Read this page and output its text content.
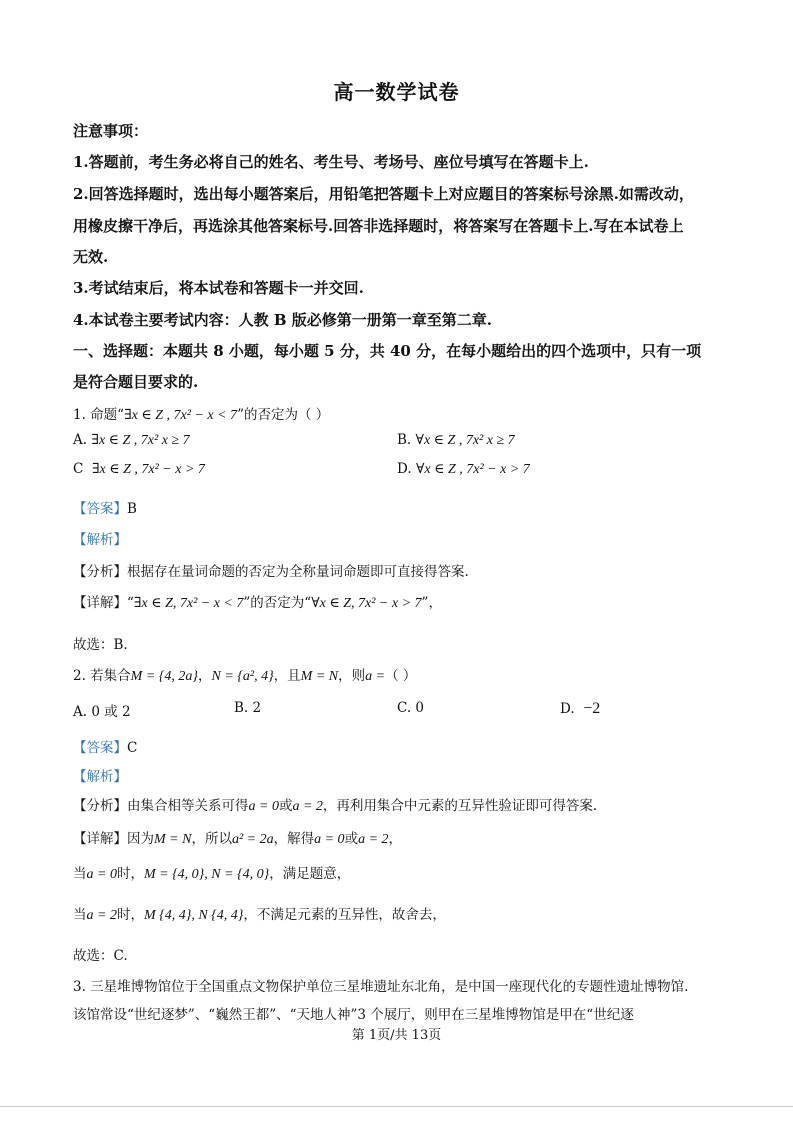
高一数学试卷
注意事项：
1.答题前，考生务必将自己的姓名、考生号、考场号、座位号填写在答题卡上.
2.回答选择题时，选出每小题答案后，用铅笔把答题卡上对应题目的答案标号涂黑.如需改动，
用橡皮擦干净后，再选涂其他答案标号.回答非选择题时，将答案写在答题卡上.写在本试卷上
无效.
3.考试结束后，将本试卷和答题卡一并交回.
4.本试卷主要考试内容：人教 B 版必修第一册第一章至第二章.
一、选择题：本题共 8 小题，每小题 5 分，共 40 分，在每小题给出的四个选项中，只有一项
是符合题目要求的.
1. 命题“∃x ∈ Z , 7x² − x < 7”的否定为（ ）
A. ∃x ∈ Z , 7x² x ≥ 7	B. ∀x ∈ Z , 7x² x ≥ 7
C ∃x ∈ Z , 7x² − x > 7	D. ∀x ∈ Z , 7x² − x > 7
【答案】B
【解析】
【分析】根据存在量词命题的否定为全称量词命题即可直接得答案.
【详解】“∃x ∈ Z, 7x² − x < 7”的否定为“∀x ∈ Z, 7x² − x > 7”，
故选：B.
2. 若集合M = {4, 2a}，N = {a², 4}，且M = N，则a =（ ）
A. 0 或 2	B. 2	C. 0	D. −2
【答案】C
【解析】
【分析】由集合相等关系可得a = 0或a = 2，再利用集合中元素的互异性验证即可得答案.
【详解】因为M = N，所以a² = 2a，解得a = 0或a = 2，
当a = 0时，M = {4, 0}, N = {4, 0}，满足题意，
当a = 2时，M {4, 4}, N {4, 4}，不满足元素的互异性，故舍去，
故选：C.
3. 三星堆博物馆位于全国重点文物保护单位三星堆遗址东北角，是中国一座现代化的专题性遗址博物馆.
该馆常设“世纪逐梦”、“巍然王都”、“天地人神”3 个展厅，则甲在三星堆博物馆是甲在“世纪逐
第 1页/共 13页
